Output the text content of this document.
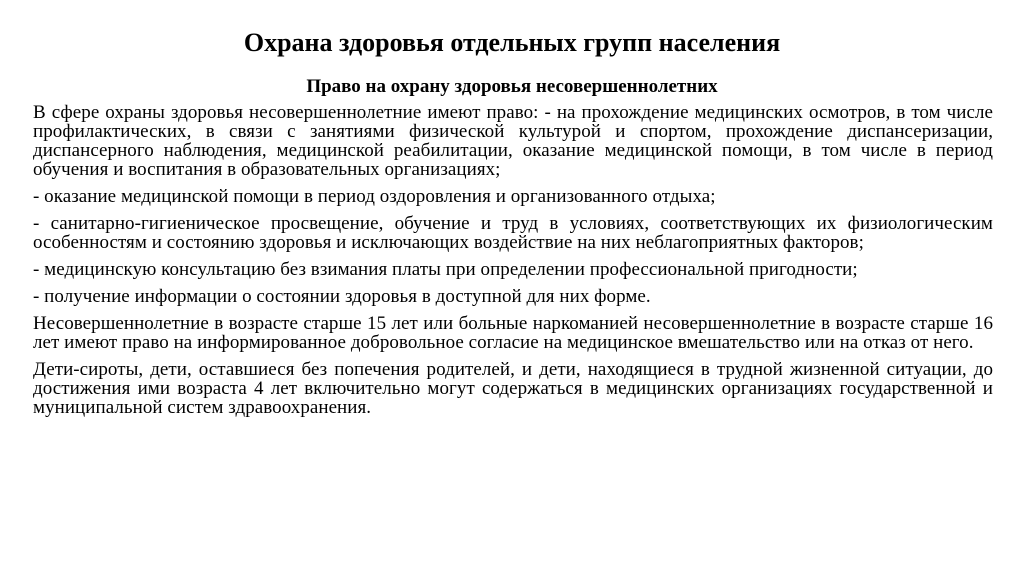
Охрана здоровья отдельных групп населения
Право на охрану здоровья несовершеннолетних

В сфере охраны здоровья несовершеннолетние имеют право: - на прохождение медицинских осмотров, в том числе профилактических, в связи с занятиями физической культурой и спортом, прохождение диспансеризации, диспансерного наблюдения, медицинской реабилитации, оказание медицинской помощи, в том числе в период обучения и воспитания в образовательных организациях;

- оказание медицинской помощи в период оздоровления и организованного отдыха;

- санитарно-гигиеническое просвещение, обучение и труд в условиях, соответствующих их физиологическим особенностям и состоянию здоровья и исключающих воздействие на них неблагоприятных факторов;

- медицинскую консультацию без взимания платы при определении профессиональной пригодности;

- получение информации о состоянии здоровья в доступной для них форме.

Несовершеннолетние в возрасте старше 15 лет или больные наркоманией несовершеннолетние в возрасте старше 16 лет имеют право на информированное добровольное согласие на медицинское вмешательство или на отказ от него.

Дети-сироты, дети, оставшиеся без попечения родителей, и дети, находящиеся в трудной жизненной ситуации, до достижения ими возраста 4 лет включительно могут содержаться в медицинских организациях государственной и муниципальной систем здравоохранения.
